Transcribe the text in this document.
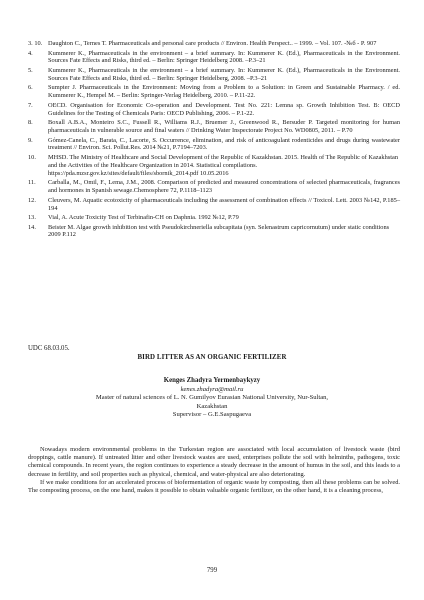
3. 10. Daughton C., Ternes T. Pharmaceuticals and personal care products // Environ. Health Perspect.. – 1999. – Vol. 107. -№б - P. 907
4.	Kummerer K., Pharmaceuticals in the environment – a brief summary. In: Kummerer K. (Ed.), Pharmaceuticals in the Environment. Sources Fate Effects and Risks, third ed. – Berlin: Springer Heidelberg 2008. –P.3–21
5.	Kummerer K., Pharmaceuticals in the environment – a brief summary. In: Kummerer K. (Ed.), Pharmaceuticals in the Environment. Sources Fate Effects and Risks, third ed. – Berlin: Springer Heidelberg, 2008. –P.3–21
6.	Sumpter J. Pharmaceuticals in the Environment: Moving from a Problem to a Solution: in Green and Sustainable Pharmacy. / ed. Kummerer K., Hempel M. – Berlin: Springer-Verlag Heidelberg, 2010. – P.11-22.
7.	OECD. Organisation for Economic Co-operation and Development. Test No. 221: Lemna sp. Growth Inhibition Test. B: OECD Guidelines for the Testing of Chemicals Paris: OECD Publishing, 2006. – P.1-22.
8.	Boxall A.B.A., Monteiro S.C., Fussell R., Williams R.J., Bruemer J., Greenwood R., Bersuder P. Targeted monitoring for human pharmaceuticals in vulnerable source and final waters // Drinking Water Inspectorate Project No. WD0805, 2011. – P.70
9.	Gómez-Canela, C., Barata, C., Lacorte, S. Occurrence, elimination, and risk of anticoagulant rodenticides and drugs during wastewater treatment // Environ. Sci. Pollut.Res. 2014 №21, P.7194–7203.
10.	MHSD. The Ministry of Healthcare and Social Development of the Republic of Kazakhstan. 2015. Health of The Republic of Kazakhstan and the Activities of the Healthcare Organization in 2014. Statistical compilations. https://pda.mzsr.gov.kz/sites/default/files/sbornik_2014.pdf 10.05.2016
11.	Carballa, M., Omil, F., Lema, J.M., 2008. Comparison of predicted and measured concentrations of selected pharmaceuticals, fragrances and hormones in Spanish sewage.Chemosphere 72, P.1118–1123
12.	Cleuvers, M. Aquatic ecotoxicity of pharmaceuticals including the assessment of combination effects // Toxicol. Lett. 2003 №142, P.185–194
13.	Vial, A. Acute Toxicity Test of Terbinafin-CH on Daphnia. 1992 №12, P.79
14.	Beister M. Algae growth inhibition test with Pseudokirchneriella subcapitata (syn. Selenastrum capricornutum) under static conditions 2009 P.112
UDC 68.03.05.
BIRD LITTER AS AN ORGANIC FERTILIZER
Kenges Zhadyra Yermenbaykyzy
kenes.zhadyra@mail.ru
Master of natural sciences of L. N. Gumilyov Eurasian National University, Nur-Sultan,
Kazakhstan
Supervisor – G.E.Saspugaeva

Nowadays modern environmental problems in the Turkestan region are associated with local accumulation of livestock waste (bird droppings, cattle manure). If untreated litter and other livestock wastes are used, enterprises pollute the soil with helminths, pathogens, toxic chemical compounds. In recent years, the region continues to experience a steady decrease in the amount of humus in the soil, and this leads to a decrease in fertility, and soil properties such as physical, chemical, and water-physical are also deteriorating.

If we make conditions for an accelerated process of biofermentation of organic waste by composting, then all these problems can be solved. The composting process, on the one hand, makes it possible to obtain valuable organic fertilizer, on the other hand, it is a cleaning process,

799
